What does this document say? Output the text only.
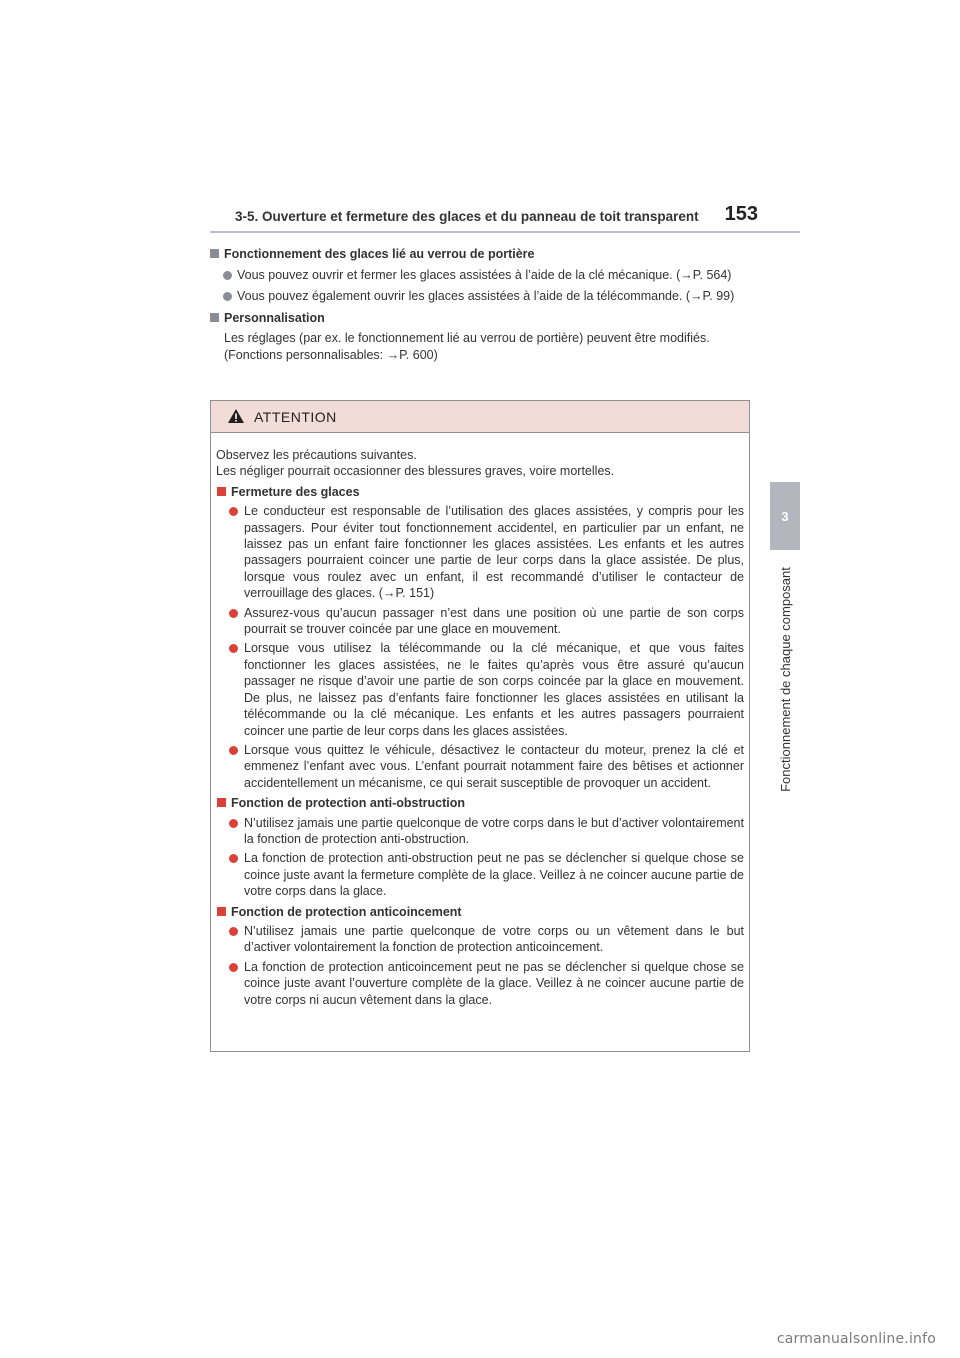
3-5. Ouverture et fermeture des glaces et du panneau de toit transparent 153
3
Fonctionnement de chaque composant
Fonctionnement des glaces lié au verrou de portière
Vous pouvez ouvrir et fermer les glaces assistées à l’aide de la clé mécanique. (→P. 564)
Vous pouvez également ouvrir les glaces assistées à l’aide de la télécommande. (→P. 99)
Personnalisation
Les réglages (par ex. le fonctionnement lié au verrou de portière) peuvent être modifiés. (Fonctions personnalisables: →P. 600)
ATTENTION
Observez les précautions suivantes.
Les négliger pourrait occasionner des blessures graves, voire mortelles.
Fermeture des glaces
Le conducteur est responsable de l’utilisation des glaces assistées, y compris pour les passagers. Pour éviter tout fonctionnement accidentel, en particulier par un enfant, ne laissez pas un enfant faire fonctionner les glaces assistées. Les enfants et les autres passagers pourraient coincer une partie de leur corps dans la glace assistée. De plus, lorsque vous roulez avec un enfant, il est recommandé d’utiliser le contacteur de verrouillage des glaces. (→P. 151)
Assurez-vous qu’aucun passager n’est dans une position où une partie de son corps pourrait se trouver coincée par une glace en mouvement.
Lorsque vous utilisez la télécommande ou la clé mécanique, et que vous faites fonctionner les glaces assistées, ne le faites qu’après vous être assuré qu’aucun passager ne risque d’avoir une partie de son corps coincée par la glace en mouvement. De plus, ne laissez pas d’enfants faire fonctionner les glaces assistées en utilisant la télécommande ou la clé mécanique. Les enfants et les autres passagers pourraient coincer une partie de leur corps dans les glaces assistées.
Lorsque vous quittez le véhicule, désactivez le contacteur du moteur, prenez la clé et emmenez l’enfant avec vous. L’enfant pourrait notamment faire des bêtises et actionner accidentellement un mécanisme, ce qui serait susceptible de provoquer un accident.
Fonction de protection anti-obstruction
N’utilisez jamais une partie quelconque de votre corps dans le but d’activer volontairement la fonction de protection anti-obstruction.
La fonction de protection anti-obstruction peut ne pas se déclencher si quelque chose se coince juste avant la fermeture complète de la glace. Veillez à ne coincer aucune partie de votre corps dans la glace.
Fonction de protection anticoincement
N’utilisez jamais une partie quelconque de votre corps ou un vêtement dans le but d’activer volontairement la fonction de protection anticoincement.
La fonction de protection anticoincement peut ne pas se déclencher si quelque chose se coince juste avant l’ouverture complète de la glace. Veillez à ne coincer aucune partie de votre corps ni aucun vêtement dans la glace.
carmanualsonline.info
